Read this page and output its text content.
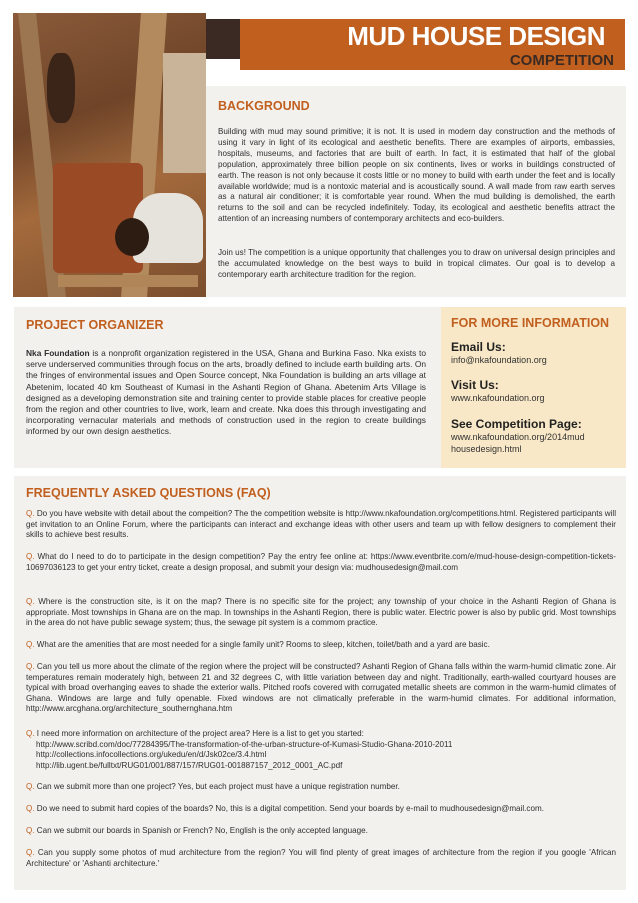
MUD HOUSE DESIGN
COMPETITION
BACKGROUND

Building with mud may sound primitive; it is not. It is used in modern day construction and the methods of using it vary in light of its ecological and aesthetic benefits. There are examples of airports, embassies, hospitals, museums, and factories that are built of earth. In fact, it is estimated that half of the global population, approximately three billion people on six continents, lives or works in buildings constructed of earth. The reason is not only because it costs little or no money to build with earth under the feet and is locally available worldwide; mud is a nontoxic material and is acoustically sound. A wall made from raw earth serves as a natural air conditioner; it is comfortable year round. When the mud building is demolished, the earth returns to the soil and can be recycled indefinitely. Today, its ecological and aesthetic benefits attract the attention of an increasing numbers of contemporary architects and eco-builders.

Join us! The competition is a unique opportunity that challenges you to draw on universal design principles and the accumulated knowledge on the best ways to build in tropical climates. Our goal is to develop a contemporary earth architecture tradition for the region.

PROJECT ORGANIZER

Nka Foundation is a nonprofit organization registered in the USA, Ghana and Burkina Faso. Nka exists to serve underserved communities through focus on the arts, broadly defined to include earth building arts. On the fringes of environmental issues and Open Source concept, Nka Foundation is building an arts village at Abetenim, located 40 km Southeast of Kumasi in the Ashanti Region of Ghana. Abetenim Arts Village is designed as a developing demonstration site and training center to provide stable places for creative people from the region and other countries to live, work, learn and create. Nka does this through investigating and incorporating vernacular materials and methods of construction used in the region to create buildings informed by our own design aesthetics.

FOR MORE INFORMATION

Email Us:

info@nkafoundation.org

Visit Us:

www.nkafoundation.org

See Competition Page:

www.nkafoundation.org/2014mud
housedesign.html

FREQUENTLY ASKED QUESTIONS (FAQ)

Q. Do you have website with detail about the compeition? The the competition website is http://www.nkafoundation.org/competitions.html. Registered participants will get invitation to an Online Forum, where the participants can interact and exchange ideas with other users and team up with fellow designers to complement their skills to achieve best results.

Q. What do I need to do to participate in the design competition? Pay the entry fee online at: https://www.eventbrite.com/e/mud-house-design-competition-tickets-10697036123 to get your entry ticket, create a design proposal, and submit your design via: mudhousedesign@mail.com

Q. Where is the construction site, is it on the map? There is no specific site for the project; any township of your choice in the Ashanti Region of Ghana is appropriate. Most townships in Ghana are on the map. In townships in the Ashanti Region, there is public water. Electric power is also by public grid. Most townships in the area do not have public sewage system; thus, the sewage pit system is a commom practice.

Q. What are the amenities that are most needed for a single family unit? Rooms to sleep, kitchen, toilet/bath and a yard are basic.

Q. Can you tell us more about the climate of the region where the project will be constructed? Ashanti Region of Ghana falls within the warm-humid climatic zone. Air temperatures remain moderately high, between 21 and 32 degrees C, with little variation between day and night. Traditionally, earth-walled courtyard houses are typical with broad overhanging eaves to shade the exterior walls. Pitched roofs covered with corrugated metallic sheets are common in the warm-humid climates of Ghana. Windows are large and fully openable. Fixed windows are not climatically preferable in the warm-humid climates. For additional information, http://www.arcghana.org/architecture_southernghana.htm

Q. I need more information on architecture of the project area? Here is a list to get you started:
http://www.scribd.com/doc/77284395/The-transformation-of-the-urban-structure-of-Kumasi-Studio-Ghana-2010-2011
http://collections.infocollections.org/ukedu/en/d/Jsk02ce/3.4.html
http://lib.ugent.be/fulltxt/RUG01/001/887/157/RUG01-001887157_2012_0001_AC.pdf

Q. Can we submit more than one project? Yes, but each project must have a unique registration number.

Q. Do we need to submit hard copies of the boards? No, this is a digital competition. Send your boards by e-mail to mudhousedesign@mail.com.

Q. Can we submit our boards in Spanish or French? No, English is the only accepted language.

Q. Can you supply some photos of mud architecture from the region? You will find plenty of great images of architecture from the region if you google 'African Architecture' or 'Ashanti architecture.'
